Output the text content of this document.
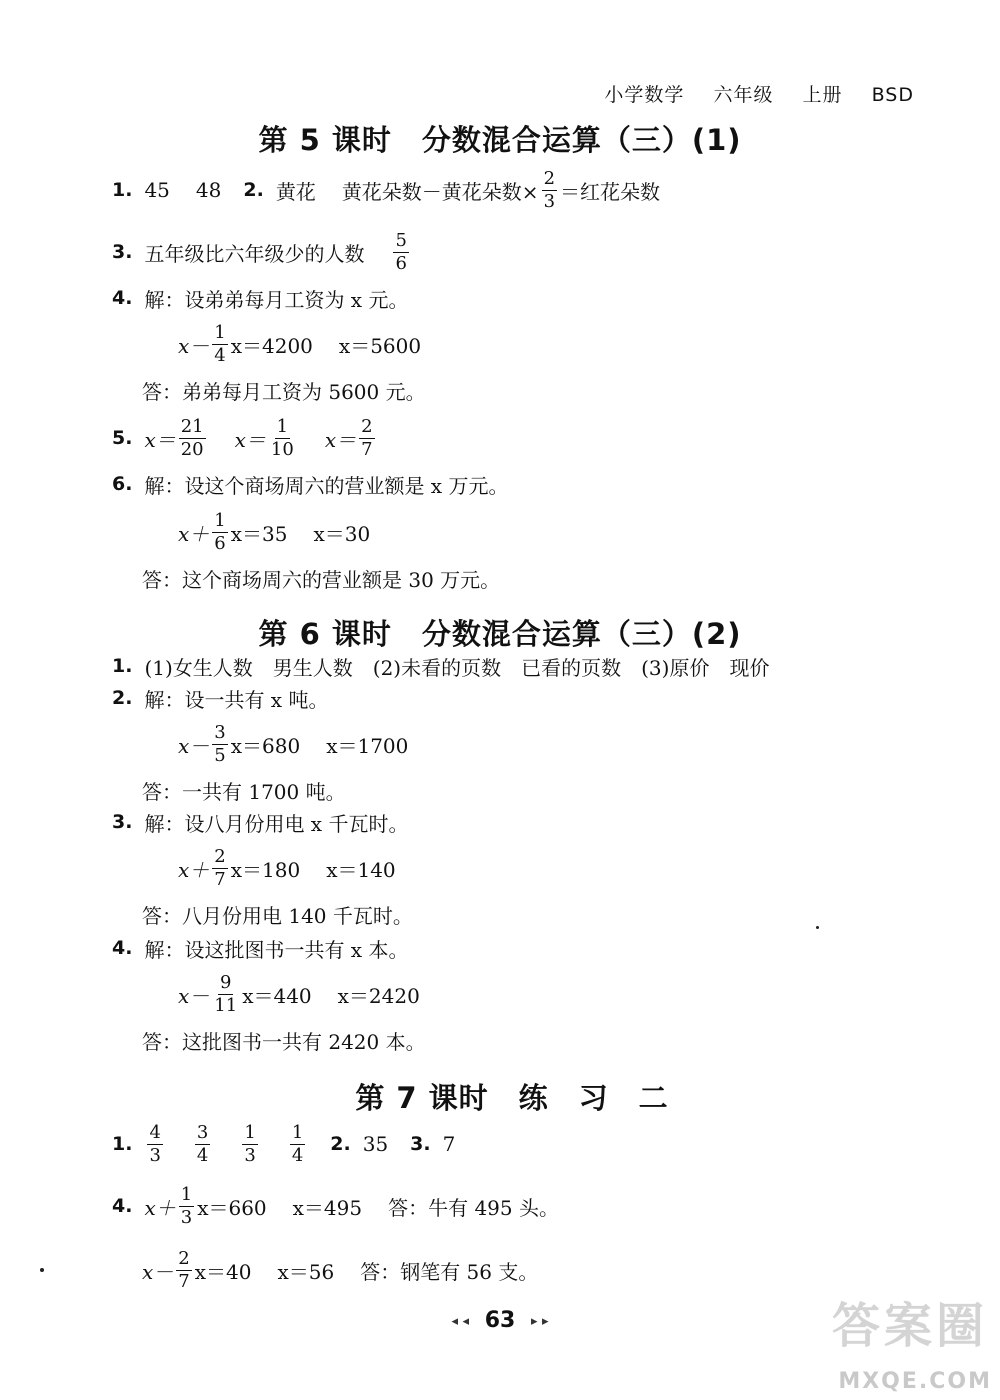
小学数学 六年级 上册 BSD
第 5 课时　分数混合运算（三）(1)
1. 45 48 2. 黄花 黄花朵数－黄花朵数× $\frac{2}{3}$ ＝红花朵数
3. 五年级比六年级少的人数 $\frac{5}{6}$
4. 解：设弟弟每月工资为 x 元。
$x- \frac{1}{4} x=4200$ x＝5600
答：弟弟每月工资为 5600 元。
5. $x= \frac{21}{20} x= \frac{1}{10} x= \frac{2}{7}$
6. 解：设这个商场周六的营业额是 x 万元。
$x+ \frac{1}{6} x=35$ x＝30
答：这个商场周六的营业额是 30 万元。
第 6 课时　分数混合运算（三）(2)
1. (1)女生人数　男生人数　(2)未看的页数　已看的页数　(3)原价　现价
2. 解：设一共有 x 吨。
$x- \frac{3}{5} x=680$ x＝1700
答：一共有 1700 吨。
3. 解：设八月份用电 x 千瓦时。
$x+ \frac{2}{7} x=180$ x＝140
答：八月份用电 140 千瓦时。
4. 解：设这批图书一共有 x 本。
$x- \frac{9}{11} x=440$ x＝2420
答：这批图书一共有 2420 本。
第 7 课时　练　习　二
1. $\frac{4}{3} \frac{3}{4} \frac{1}{3} \frac{1}{4} 2$. 35 3. 7
4. $x+ \frac{1}{3} x=660$ x＝495 答：牛有 495 头。
$x- \frac{2}{7} x=40$ x＝56 答：钢笔有 56 支。
◂ ◂ 63 ▸ ▸	答案圈
MXQE.COM
